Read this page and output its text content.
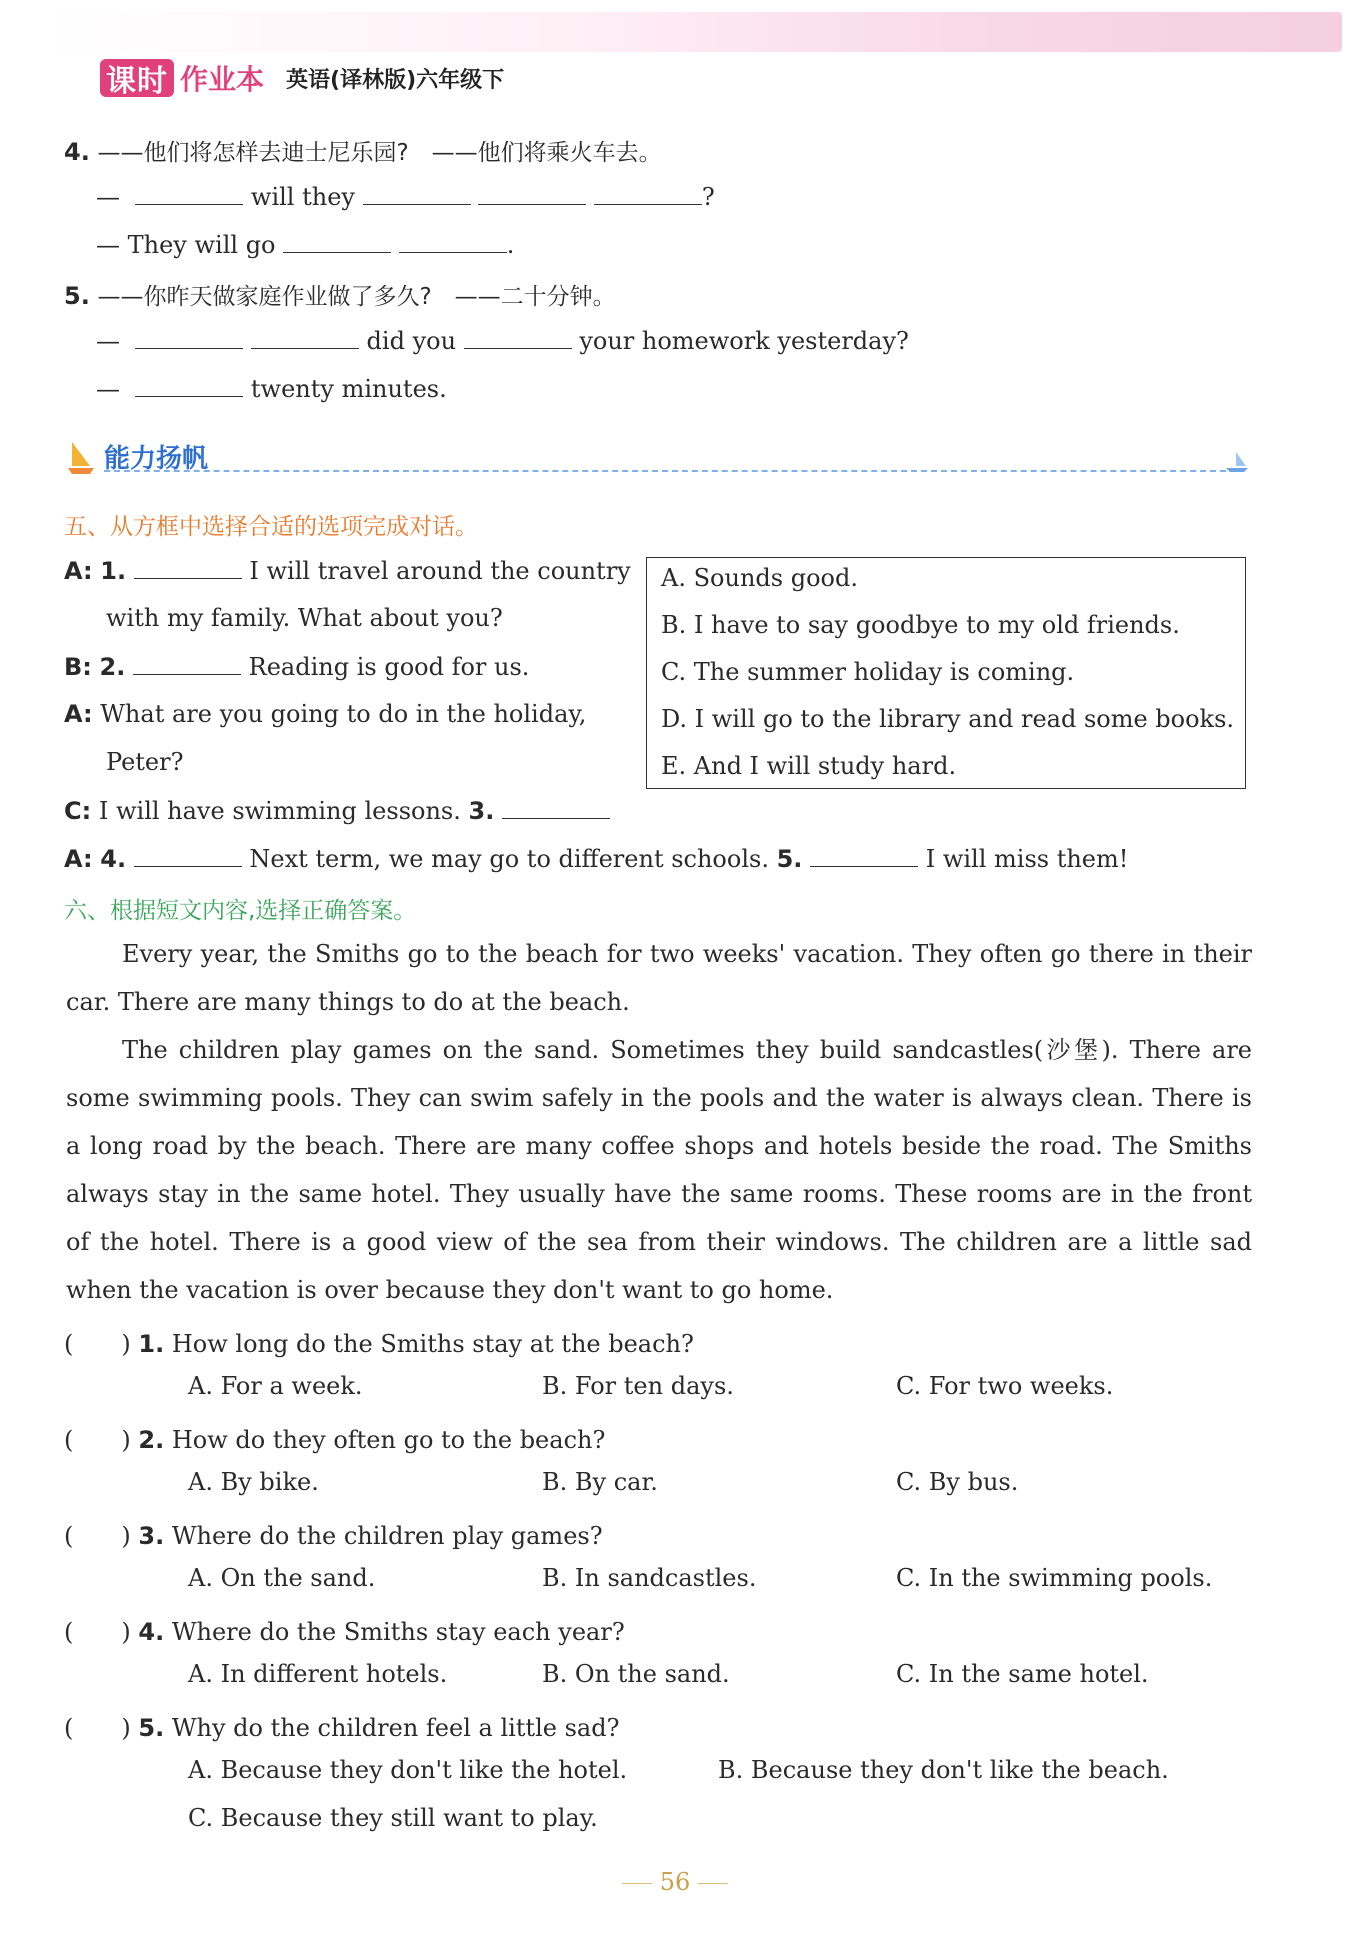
课时 作业本 英语(译林版)六年级下
4. ——他们将怎样去迪士尼乐园?　——他们将乘火车去。
—	will they	?
— They will go	.
5. ——你昨天做家庭作业做了多久?　——二十分钟。
—	did you	your homework yesterday?
—	twenty minutes.
能力扬帆
五、从方框中选择合适的选项完成对话。
A: 1.	I will travel around the country
with my family. What about you?
B: 2.	Reading is good for us.
A: What are you going to do in the holiday,
Peter?
C: I will have swimming lessons. 3.
A: 4.	Next term, we may go to different schools. 5.	I will miss them!
A. Sounds good.
B. I have to say goodbye to my old friends.
C. The summer holiday is coming.
D. I will go to the library and read some books.
E. And I will study hard.
六、根据短文内容,选择正确答案。
Every year, the Smiths go to the beach for two weeks' vacation. They often go there in their car. There are many things to do at the beach.
The children play games on the sand. Sometimes they build sandcastles(沙堡). There are some swimming pools. They can swim safely in the pools and the water is always clean. There is a long road by the beach. There are many coffee shops and hotels beside the road. The Smiths always stay in the same hotel. They usually have the same rooms. These rooms are in the front of the hotel. There is a good view of the sea from their windows. The children are a little sad when the vacation is over because they don't want to go home.
(　　) 1. How long do the Smiths stay at the beach?
A. For a week.	B. For ten days.	C. For two weeks.
(　　) 2. How do they often go to the beach?
A. By bike.	B. By car.	C. By bus.
(　　) 3. Where do the children play games?
A. On the sand.	B. In sandcastles.	C. In the swimming pools.
(　　) 4. Where do the Smiths stay each year?
A. In different hotels.	B. On the sand.	C. In the same hotel.
(　　) 5. Why do the children feel a little sad?
A. Because they don't like the hotel.	B. Because they don't like the beach.
C. Because they still want to play.
56
